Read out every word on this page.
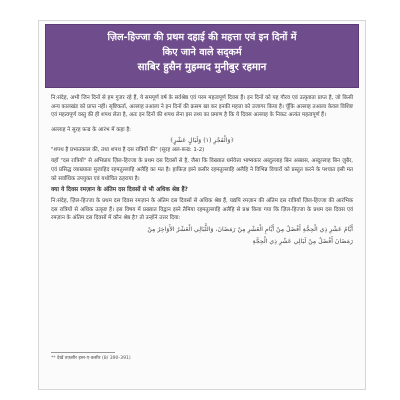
ज़िल-हिज्जा की प्रथम दहाई की महत्ता एवं इन दिनों में
किए जाने वाले सद्कर्म
साबिर हुसैन मुहम्मद मुनीबुर रहमान

नि:संदेह, अभी जिन दिनों से हम गुजर रहे हैं, ये समपूर्ण वर्ष के सर्वश्रेष्ठ एवं परम महत्वपूर्ण दिवस हैं। इन दिनों को यह गौरव एवं उत्कृष्टता प्राप्त है, जो किसी अन्य कालखंड को प्राप्त नहीं। सृष्टिकर्ता, अल्लाह तआला ने इन दिनों की क़सम खा कर इनकी महत्ता को उजागर किया है। चूँकि अल्लाह तआला केवल विशिष्ट एवं महत्वपूर्ण वस्तु की ही शपथ लेता है, अतः इन दिनों की शपथ लेना इस तथ्य का प्रमाण है कि ये दिवस अल्लाह के निकट अत्यंत महत्वपूर्ण हैं।

अल्लाह ने सूरह फ़ज्र के आरंभ में कहा है:

﴿وَالْفَجْرِ (١) وَلَيَالٍ عَشْرٍ﴾

"शपथ है प्रभातकाल की, तथा शपथ है दस रात्रियों की" (सूरह अल-फ़ज्र: 1-2)

यहाँ "दस रात्रियों" से अभिप्राय ज़िल-हिज्जा के प्रथम दस दिवसों से है, जैसा कि विख्यात धर्मवेत्ता भाष्यकार अब्दुल्लाह बिन अब्बास, अब्दुल्लाह बिन ज़ुबैर, एवं प्रसिद्ध व्याख्याता मुजाहिद रहमतुल्लाहि अलैहि का मत है। हाफ़िज़ इब्ने कसीर रहमतुल्लाहि अलैहि ने विभिन्न विचारों को प्रस्तुत करने के पश्चात इसी मत को सर्वाधिक उपयुक्त एवं यथोचित ठहराया है।

क्या ये दिवस रमज़ान के अंतिम दस दिवसों से भी अधिक श्रेष्ठ हैं?

नि:संदेह, ज़िल-हिज्जा के प्रथम दस दिवस रमज़ान के अंतिम दस दिवसों से अधिक श्रेष्ठ हैं, यद्यपि रमज़ान की अंतिम दस रात्रियाँ ज़िल-हिज्जा की आरंभिक दस रात्रियों से अधिक उत्कृष्ट हैं। इस विषय में प्रख्यात विद्वान इब्ने तैमिया रहमतुल्लाहि अलैहि से प्रश्न किया गया कि ज़िल-हिज्जा के प्रथम दस दिवस एवं रमज़ान के अंतिम दस दिवसों में कौन श्रेष्ठ है? तो उन्होंने उत्तर दिया:

أَيَّامُ عَشْرِ ذِي الْحِجَّةِ أَفْضَلُ مِنْ أَيَّامِ الْعَشْرِ مِنْ رَمَضَانَ، وَاللَّيَالِي الْعَشْرُ الأَوَاخِرُ مِنْ

رَمَضَانَ أَفْضَلُ مِنْ لَيَالِي عَشْرِ ذِي الْحِجَّةِ

** देखें तफ़सीर इब्न-ए-कसीर (8/ 390-391)
